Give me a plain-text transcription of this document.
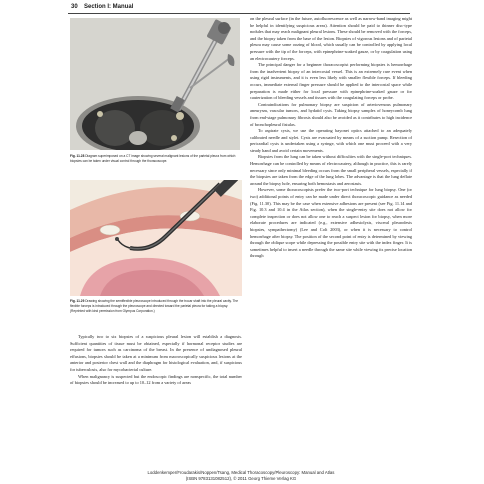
30 Section I: Manual
Fig. 11.28 Diagram superimposed on a CT image showing several malignant lesions of the parietal pleura from which biopsies can be taken under visual control through the thoracoscope.
Fig. 11.29 Drawing showing the semiflexible pleuroscope introduced through the trocar shaft into the pleural cavity. The flexible forceps is introduced through the pleuroscope and directed toward the parietal pleura for taking a biopsy. (Reprinted with kind permission from Olympus Corporation.)

Typically two to six biopsies of a suspicious pleural lesion will establish a diagnosis. Sufficient quantities of tissue must be obtained, especially if hormonal receptor studies are required for tumors such as carcinoma of the breast. In the presence of undiagnosed pleural effusions, biopsies should be taken at a minimum from macroscopically suspicious lesions at the anterior and posterior chest wall and the diaphragm for histological evaluation, and, if suspicious for tuberculosis, also for mycobacterial culture.

When malignancy is suspected but the endoscopic findings are nonspecific, the total number of biopsies should be increased to up to 10–12 from a variety of areas

on the pleural surface (in the future, autofluorescence as well as narrow-band imaging might be helpful in identifying suspicious areas). Attention should be paid to thinner disc-type nodules that may reach malignant pleural lesions. These should be removed with the forceps, and the biopsy taken from the base of the lesion. Biopsies of vigorous lesions and of parietal pleura may cause some oozing of blood, which usually can be controlled by applying local pressure with the tip of the forceps, with epinephrine-soaked gauze, or by coagulation using an electrocautery forceps.

The principal danger for a beginner thoracoscopist performing biopsies is hemorrhage from the inadvertent biopsy of an intercostal vessel. This is an extremely rare event when using rigid instruments, and it is even less likely with smaller flexible forceps. If bleeding occurs, immediate external finger pressure should be applied to the intercostal space while preparation is made either for local pressure with epinephrine-soaked gauze or for cauterization of bleeding vessels and tissues with the coagulating forceps or probe.

Contraindications for pulmonary biopsy are suspicion of arteriovenous pulmonary aneurysm, vascular tumors, and hydatid cysts. Taking biopsy samples of honeycomb lung from end-stage pulmonary fibrosis should also be avoided as it contributes to high incidence of bronchopleural fistulas.

To aspirate cysts, we use the operating bayonet optics attached to an adequately calibrated needle and stylet. Cysts are evacuated by means of a suction pump. Resection of pericardial cysts is undertaken using a syringe, with which one must proceed with a very steady hand and avoid certain movements.

Biopsies from the lung can be taken without difficulties with the single-port techniques. Hemorrhage can be controlled by means of electrocautery, although in practice, this is rarely necessary since only minimal bleeding occurs from the small peripheral vessels, especially if the biopsies are taken from the edge of the lung lobes. The advantage is that the lung deflate around the biopsy hole, ensuring both hemostasis and aerostasis.

However, some thoracoscopists prefer the two-port technique for lung biopsy. One (or two) additional points of entry can be made under direct thoracoscopic guidance as needed (Fig. 11.30). This may be the case when extensive adhesions are present (see Fig. 11.14 and Fig. 10.3 and 10.4 in the Atlas section), when the single-entry site does not allow for complete inspection or does not allow one to reach a suspect lesion for biopsy, when more elaborate procedures are indicated (e.g., extensive adhesiolysis, visceral pleurodesis biopsies, sympathectomy) (Lee and Colt 2003), or when it is necessary to control hemorrhage after biopsy. The position of the second point of entry is determined by viewing through the oblique scope while depressing the possible entry site with the index finger. It is sometimes helpful to insert a needle through the same site while viewing its precise location through

Loddenkemper/Froudarakis/Noppen/Tsang, Medical Thoracoscopy/Pleuroscopy: Manual and Atlas
(ISBN 9783131082512), © 2011 Georg Thieme Verlag KG
